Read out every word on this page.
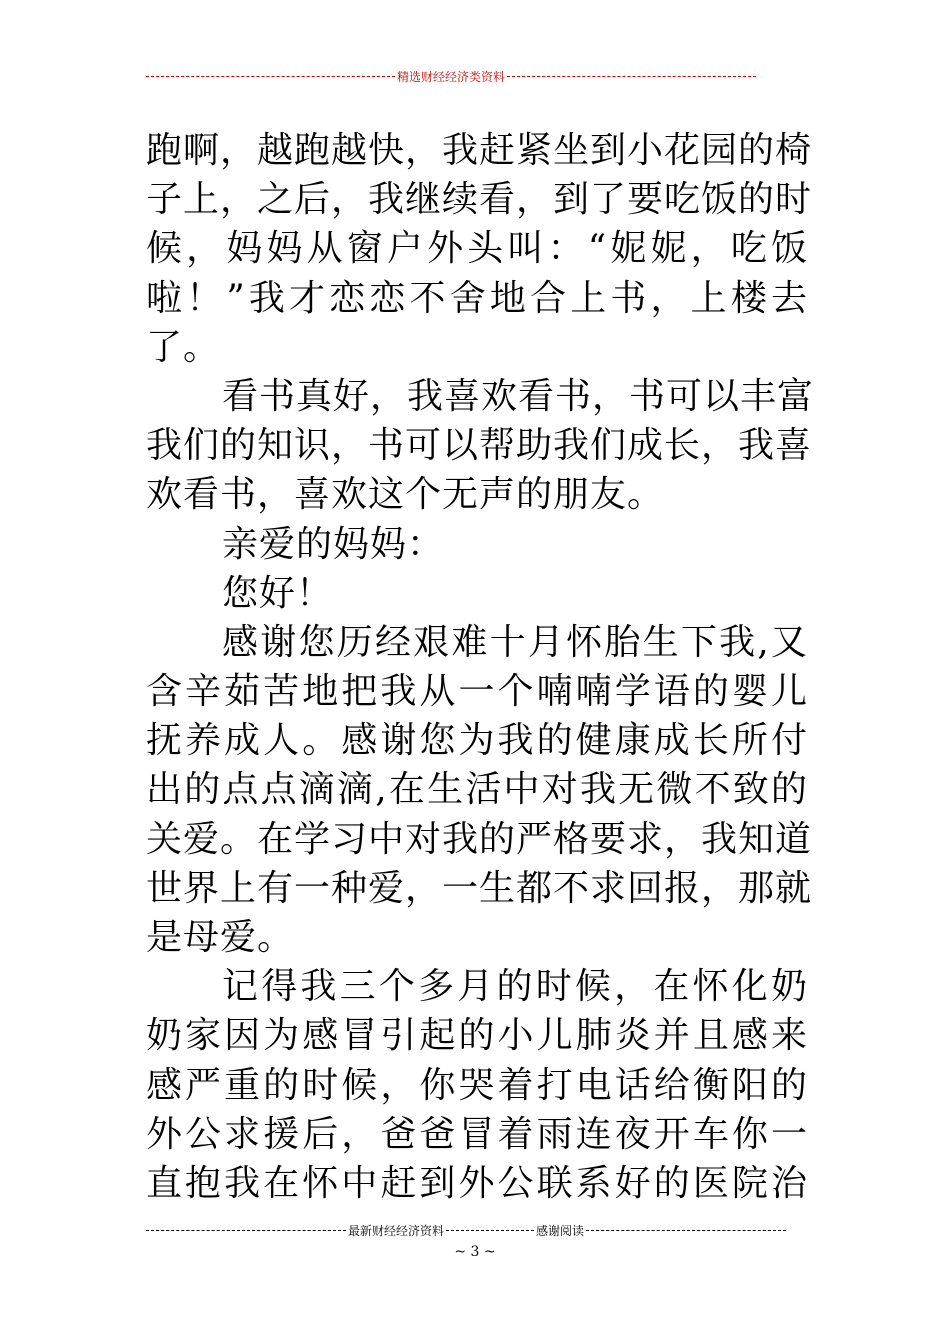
精选财经经济类资料
跑啊，越跑越快，我赶紧坐到小花园的椅
子上，之后，我继续看，到了要吃饭的时
候，妈妈从窗户外头叫：“妮妮，吃饭
啦！”我才恋恋不舍地合上书，上楼去
了。
看书真好，我喜欢看书，书可以丰富
我们的知识，书可以帮助我们成长，我喜
欢看书，喜欢这个无声的朋友。
亲爱的妈妈：
您好！
感谢您历经艰难十月怀胎生下我,又
含辛茹苦地把我从一个喃喃学语的婴儿
抚养成人。感谢您为我的健康成长所付
出的点点滴滴,在生活中对我无微不致的
关爱。在学习中对我的严格要求，我知道
世界上有一种爱，一生都不求回报，那就
是母爱。
记得我三个多月的时候，在怀化奶
奶家因为感冒引起的小儿肺炎并且感来
感严重的时候，你哭着打电话给衡阳的
外公求援后，爸爸冒着雨连夜开车你一
直抱我在怀中赶到外公联系好的医院治
最新财经经济资料	感谢阅读
~ 3 ~
